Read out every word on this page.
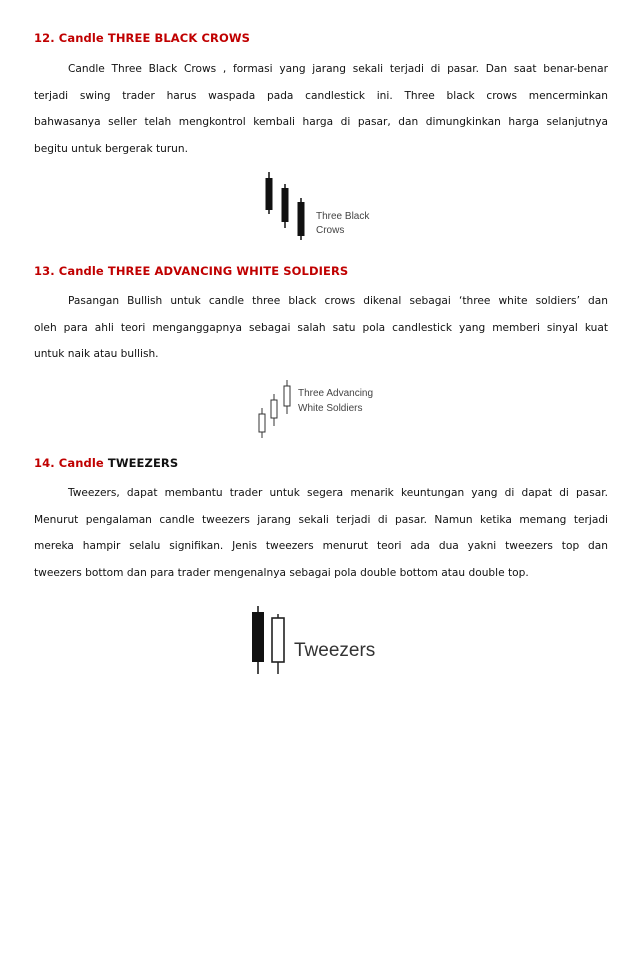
12. Candle THREE BLACK CROWS
Candle Three Black Crows , formasi yang jarang sekali terjadi di pasar. Dan saat benar-benar
terjadi swing trader harus waspada pada candlestick ini. Three black crows mencerminkan
bahwasanya seller telah mengkontrol kembali harga di pasar, dan dimungkinkan harga selanjutnya
begitu untuk bergerak turun.
Three Black
Crows
13. Candle THREE ADVANCING WHITE SOLDIERS
Pasangan Bullish untuk candle three black crows dikenal sebagai ‘three white soldiers’ dan
oleh para ahli teori menganggapnya sebagai salah satu pola candlestick yang memberi sinyal kuat
untuk naik atau bullish.
Three Advancing
White Soldiers
14. Candle TWEEZERS
Tweezers, dapat membantu trader untuk segera menarik keuntungan yang di dapat di pasar.
Menurut pengalaman candle tweezers jarang sekali terjadi di pasar. Namun ketika memang terjadi
mereka hampir selalu signifikan. Jenis tweezers menurut teori ada dua yakni tweezers top dan
tweezers bottom dan para trader mengenalnya sebagai pola double bottom atau double top.
Tweezers
